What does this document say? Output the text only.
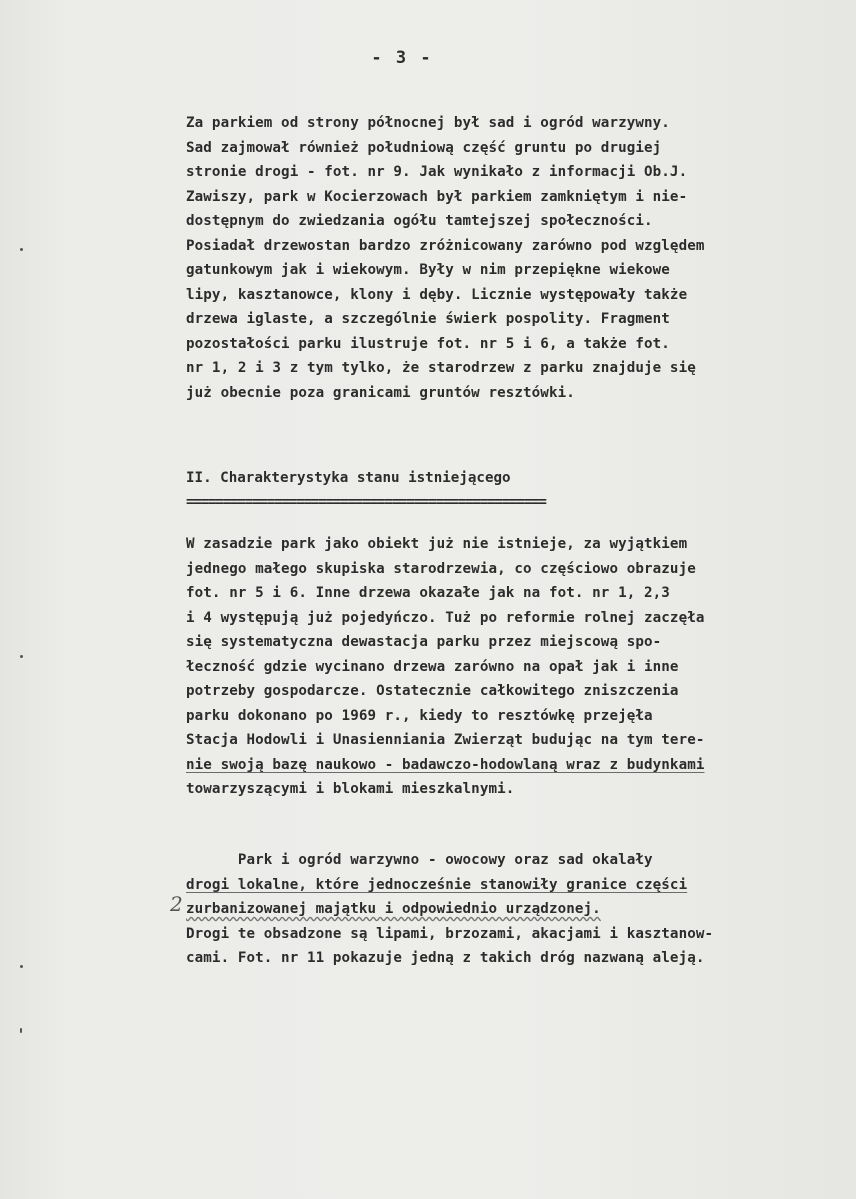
- 3 -
Za parkiem od strony północnej był sad i ogród warzywny.
Sad zajmował również południową część gruntu po drugiej
stronie drogi - fot. nr 9. Jak wynikało z informacji Ob.J.
Zawiszy, park w Kocierzowach był parkiem zamkniętym i nie-
dostępnym do zwiedzania ogółu tamtejszej społeczności.
Posiadał drzewostan bardzo zróżnicowany zarówno pod względem
gatunkowym jak i wiekowym. Były w nim przepiękne wiekowe
lipy, kasztanowce, klony i dęby. Licznie występowały także
drzewa iglaste, a szczególnie świerk pospolity. Fragment
pozostałości parku ilustruje fot. nr 5 i 6, a także fot.
nr 1, 2 i 3 z tym tylko, że starodrzew z parku znajduje się
już obecnie poza granicami gruntów resztówki.
II. Charakterystyka stanu istniejącego
=================================================
W zasadzie park jako obiekt już nie istnieje, za wyjątkiem
jednego małego skupiska starodrzewia, co częściowo obrazuje
fot. nr 5 i 6. Inne drzewa okazałe jak na fot. nr 1, 2,3
i 4 występują już pojedyńczo. Tuż po reformie rolnej zaczęła
się systematyczna dewastacja parku przez miejscową spo-
łeczność gdzie wycinano drzewa zarówno na opał jak i inne
potrzeby gospodarcze. Ostatecznie całkowitego zniszczenia
parku dokonano po 1969 r., kiedy to resztówkę przejęła
Stacja Hodowli i Unasienniania Zwierząt budując na tym tere-
nie swoją bazę naukowo - badawczo-hodowlaną wraz z budynkami
towarzyszącymi i blokami mieszkalnymi.
Park i ogród warzywno - owocowy oraz sad okalały
drogi lokalne, które jednocześnie stanowiły granice części
zurbanizowanej majątku i odpowiednio urządzonej.
Drogi te obsadzone są lipami, brzozami, akacjami i kasztanow-
cami. Fot. nr 11 pokazuje jedną z takich dróg nazwaną aleją.
2
